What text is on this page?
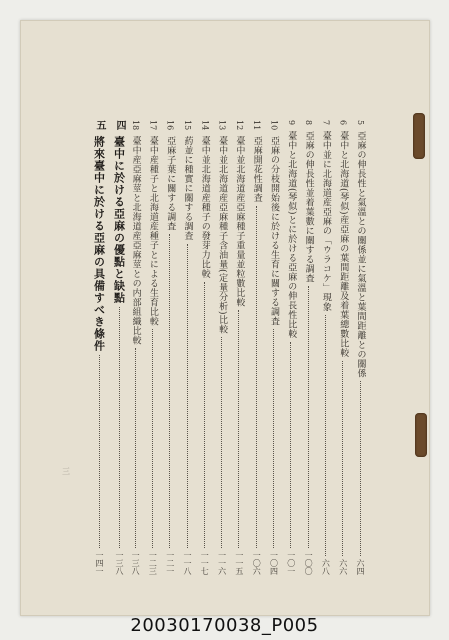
5
亞麻の伸長性と氣溫との關係並に氣溫と葉間距離との關係
六四
6
臺中と北海道(琴似)産亞麻の葉間距離及着葉總數比較
六六
7
臺中並に北海道産亞麻の「ウラコケ」現象
六八
8
亞麻の伸長性並着葉數に關する調査
一〇〇
9
臺中と北海道(琴似)とに於ける亞麻の伸長性比較
一〇一
10
亞麻の分枝開始後に於ける生育に關する調査
一〇四
11
亞麻開花性調査
一〇六
12
臺中並北海道産亞麻種子重量並粒數比較
一一五
13
臺中並北海道産亞麻種子含油量(定量分析)比較
一一六
14
臺中並北海道産種子の發芽力比較
一一七
15
葯並に種實に關する調査
一一八
16
亞麻子葉に關する調査
一二一
17
臺中産種子と北海道産種子とによる生育比較
一二三
18
臺中産亞麻莖と北海道産亞麻莖との内部組織比較
一三八
四
臺中に於ける亞麻の優點と缺點
一三八
五
將來臺中に於ける亞麻の具備すべき條件
一四一
三
20030170038_P005
